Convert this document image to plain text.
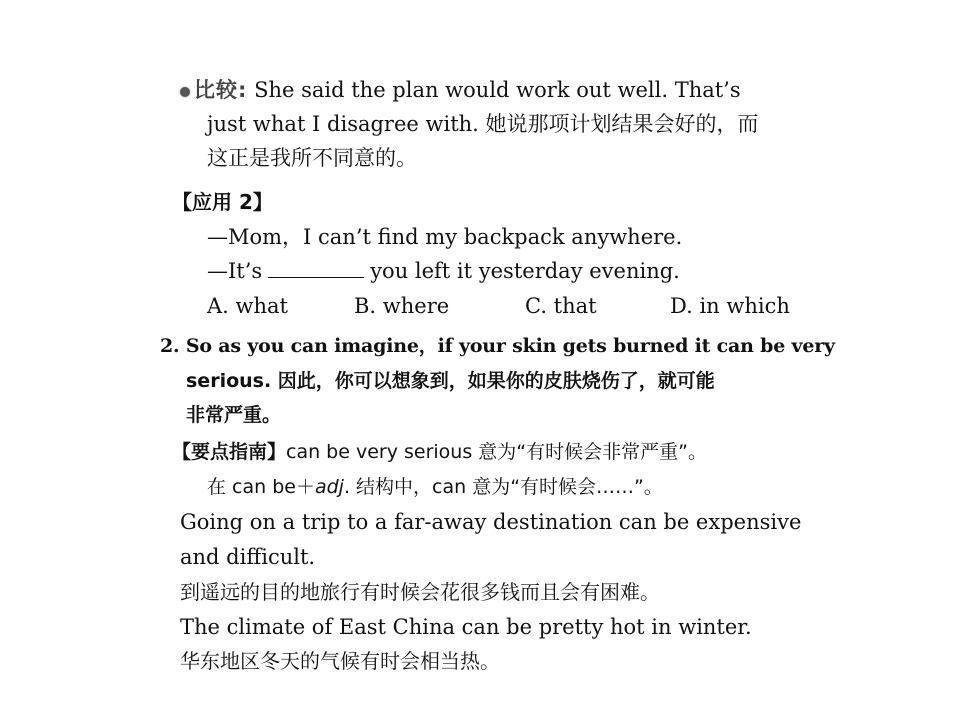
比较: She said the plan would work out well. That’s
just what I disagree with. 她说那项计划结果会好的，而
这正是我所不同意的。
【应用 2】
—Mom，I can’t find my backpack anywhere.
—It’s	you left it yesterday evening.
A. what	B. where	C. that	D. in which
2. So as you can imagine，if your skin gets burned it can be very
serious. 因此，你可以想象到，如果你的皮肤烧伤了，就可能
非常严重。
【要点指南】can be very serious 意为“有时候会非常严重”。
在 can be＋adj. 结构中，can 意为“有时候会……”。
Going on a trip to a far-away destination can be expensive
and difficult.
到遥远的目的地旅行有时候会花很多钱而且会有困难。
The climate of East China can be pretty hot in winter.
华东地区冬天的气候有时会相当热。
